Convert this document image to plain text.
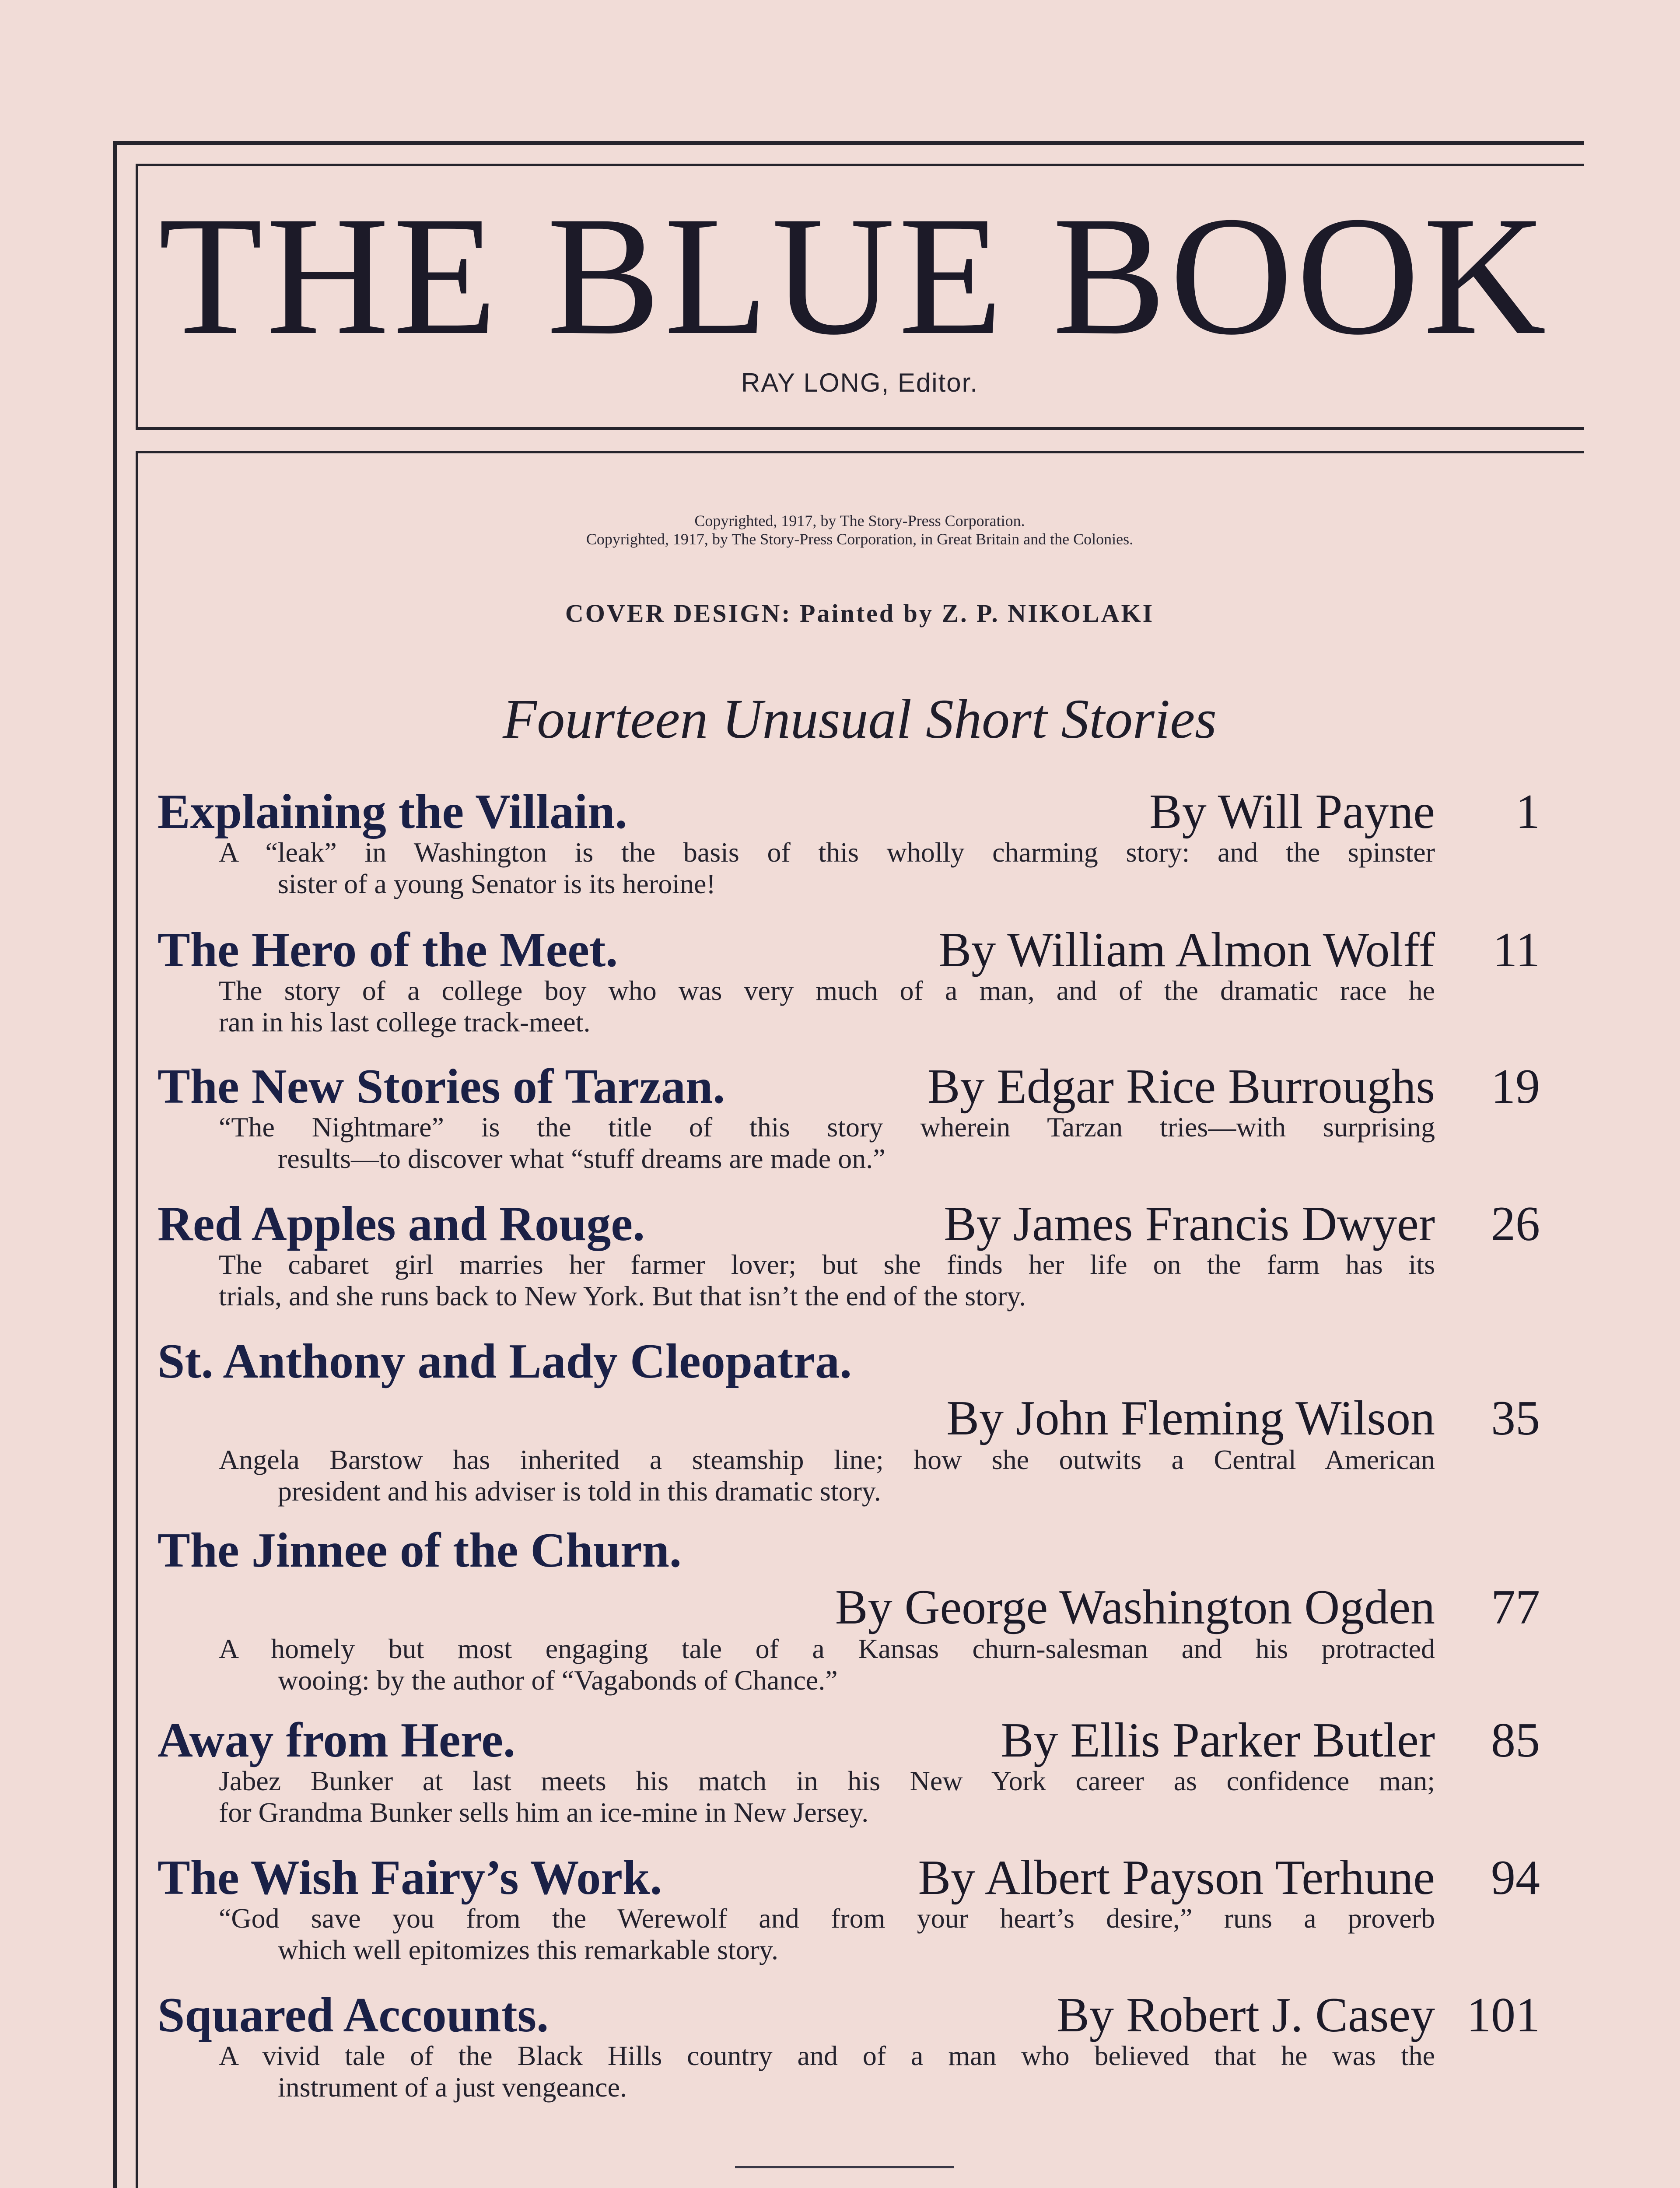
THE BLUE BOOK
RAY LONG, Editor.
Copyrighted, 1917, by The Story-Press Corporation.
Copyrighted, 1917, by The Story-Press Corporation, in Great Britain and the Colonies.
COVER DESIGN: Painted by Z. P. NIKOLAKI
Fourteen Unusual Short Stories
Explaining the Villain.	By Will Payne	1
A “leak” in Washington is the basis of this wholly charming story: and the spinster
sister of a young Senator is its heroine!
The Hero of the Meet.	By William Almon Wolff	11
The story of a college boy who was very much of a man, and of the dramatic race he
ran in his last college track-meet.
The New Stories of Tarzan.	By Edgar Rice Burroughs	19
“The Nightmare” is the title of this story wherein Tarzan tries—with surprising
results—to discover what “stuff dreams are made on.”
Red Apples and Rouge.	By James Francis Dwyer	26
The cabaret girl marries her farmer lover; but she finds her life on the farm has its
trials, and she runs back to New York. But that isn’t the end of the story.
St. Anthony and Lady Cleopatra.
By John Fleming Wilson	35
Angela Barstow has inherited a steamship line; how she outwits a Central American
president and his adviser is told in this dramatic story.
The Jinnee of the Churn.
By George Washington Ogden	77
A homely but most engaging tale of a Kansas churn-salesman and his protracted
wooing: by the author of “Vagabonds of Chance.”
Away from Here.	By Ellis Parker Butler	85
Jabez Bunker at last meets his match in his New York career as confidence man;
for Grandma Bunker sells him an ice-mine in New Jersey.
The Wish Fairy’s Work.	By Albert Payson Terhune	94
“God save you from the Werewolf and from your heart’s desire,” runs a proverb
which well epitomizes this remarkable story.
Squared Accounts.	By Robert J. Casey 101
A vivid tale of the Black Hills country and of a man who believed that he was the
instrument of a just vengeance.
